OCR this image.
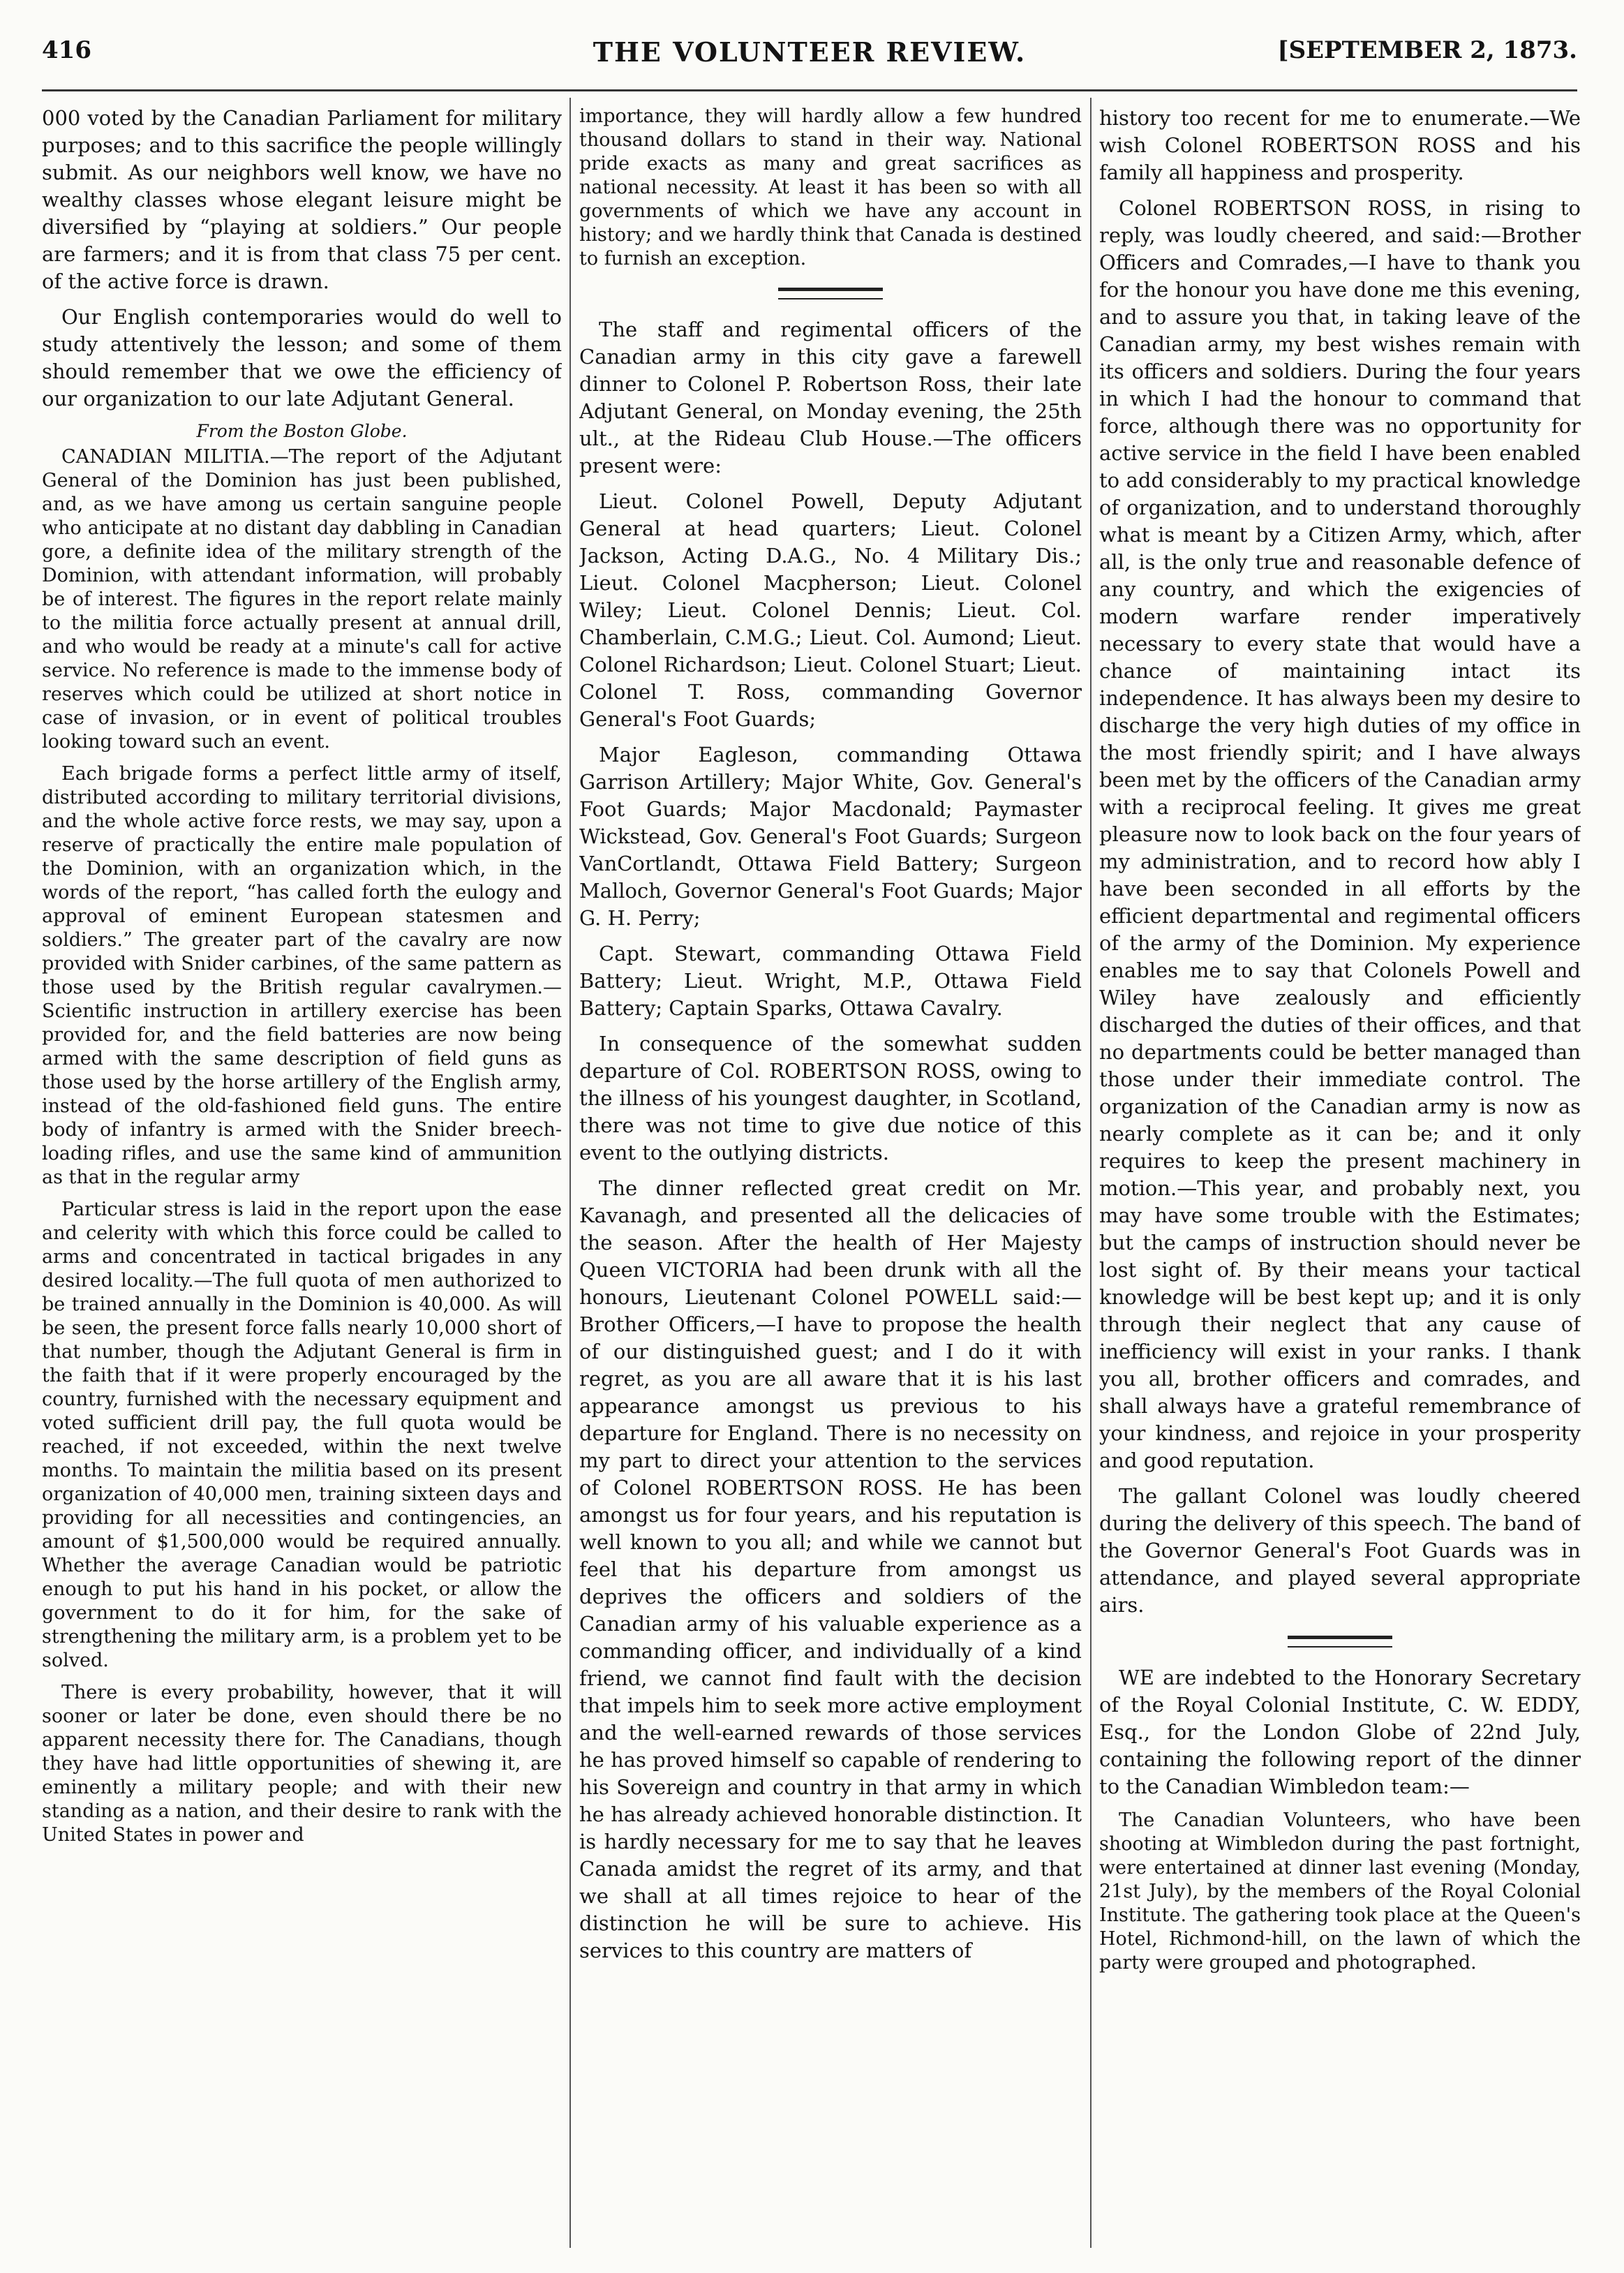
416	THE VOLUNTEER REVIEW.	[SEPTEMBER 2, 1873.

000 voted by the Canadian Parliament for military purposes; and to this sacrifice the people willingly submit. As our neighbors well know, we have no wealthy classes whose elegant leisure might be diversified by “playing at soldiers.” Our people are farmers; and it is from that class 75 per cent. of the active force is drawn.

Our English contemporaries would do well to study attentively the lesson; and some of them should remember that we owe the efficiency of our organization to our late Adjutant General.

From the Boston Globe.

CANADIAN MILITIA.—The report of the Adjutant General of the Dominion has just been published, and, as we have among us certain sanguine people who anticipate at no distant day dabbling in Canadian gore, a definite idea of the military strength of the Dominion, with attendant information, will probably be of interest. The figures in the report relate mainly to the militia force actually present at annual drill, and who would be ready at a minute's call for active service. No reference is made to the immense body of reserves which could be utilized at short notice in case of invasion, or in event of political troubles looking toward such an event.

Each brigade forms a perfect little army of itself, distributed according to military territorial divisions, and the whole active force rests, we may say, upon a reserve of practically the entire male population of the Dominion, with an organization which, in the words of the report, “has called forth the eulogy and approval of eminent European statesmen and soldiers.” The greater part of the cavalry are now provided with Snider carbines, of the same pattern as those used by the British regular cavalrymen.—Scientific instruction in artillery exercise has been provided for, and the field batteries are now being armed with the same description of field guns as those used by the horse artillery of the English army, instead of the old-fashioned field guns. The entire body of infantry is armed with the Snider breech-loading rifles, and use the same kind of ammunition as that in the regular army

Particular stress is laid in the report upon the ease and celerity with which this force could be called to arms and concentrated in tactical brigades in any desired locality.—The full quota of men authorized to be trained annually in the Dominion is 40,000. As will be seen, the present force falls nearly 10,000 short of that number, though the Adjutant General is firm in the faith that if it were properly encouraged by the country, furnished with the necessary equipment and voted sufficient drill pay, the full quota would be reached, if not exceeded, within the next twelve months. To maintain the militia based on its present organization of 40,000 men, training sixteen days and providing for all necessities and contingencies, an amount of $1,500,000 would be required annually. Whether the average Canadian would be patriotic enough to put his hand in his pocket, or allow the government to do it for him, for the sake of strengthening the military arm, is a problem yet to be solved.

There is every probability, however, that it will sooner or later be done, even should there be no apparent necessity there for. The Canadians, though they have had little opportunities of shewing it, are eminently a military people; and with their new standing as a nation, and their desire to rank with the United States in power and

importance, they will hardly allow a few hundred thousand dollars to stand in their way. National pride exacts as many and great sacrifices as national necessity. At least it has been so with all governments of which we have any account in history; and we hardly think that Canada is destined to furnish an exception.

The staff and regimental officers of the Canadian army in this city gave a farewell dinner to Colonel P. Robertson Ross, their late Adjutant General, on Monday evening, the 25th ult., at the Rideau Club House.—The officers present were:

Lieut. Colonel Powell, Deputy Adjutant General at head quarters; Lieut. Colonel Jackson, Acting D.A.G., No. 4 Military Dis.; Lieut. Colonel Macpherson; Lieut. Colonel Wiley; Lieut. Colonel Dennis; Lieut. Col. Chamberlain, C.M.G.; Lieut. Col. Aumond; Lieut. Colonel Richardson; Lieut. Colonel Stuart; Lieut. Colonel T. Ross, commanding Governor General's Foot Guards;

Major Eagleson, commanding Ottawa Garrison Artillery; Major White, Gov. General's Foot Guards; Major Macdonald; Paymaster Wickstead, Gov. General's Foot Guards; Surgeon VanCortlandt, Ottawa Field Battery; Surgeon Malloch, Governor General's Foot Guards; Major G. H. Perry;

Capt. Stewart, commanding Ottawa Field Battery; Lieut. Wright, M.P., Ottawa Field Battery; Captain Sparks, Ottawa Cavalry.

In consequence of the somewhat sudden departure of Col. ROBERTSON ROSS, owing to the illness of his youngest daughter, in Scotland, there was not time to give due notice of this event to the outlying districts.

The dinner reflected great credit on Mr. Kavanagh, and presented all the delicacies of the season. After the health of Her Majesty Queen VICTORIA had been drunk with all the honours, Lieutenant Colonel POWELL said:—Brother Officers,—I have to propose the health of our distinguished guest; and I do it with regret, as you are all aware that it is his last appearance amongst us previous to his departure for England. There is no necessity on my part to direct your attention to the services of Colonel ROBERTSON ROSS. He has been amongst us for four years, and his reputation is well known to you all; and while we cannot but feel that his departure from amongst us deprives the officers and soldiers of the Canadian army of his valuable experience as a commanding officer, and individually of a kind friend, we cannot find fault with the decision that impels him to seek more active employment and the well-earned rewards of those services he has proved himself so capable of rendering to his Sovereign and country in that army in which he has already achieved honorable distinction. It is hardly necessary for me to say that he leaves Canada amidst the regret of its army, and that we shall at all times rejoice to hear of the distinction he will be sure to achieve. His services to this country are matters of

history too recent for me to enumerate.—We wish Colonel ROBERTSON ROSS and his family all happiness and prosperity.

Colonel ROBERTSON ROSS, in rising to reply, was loudly cheered, and said:—Brother Officers and Comrades,—I have to thank you for the honour you have done me this evening, and to assure you that, in taking leave of the Canadian army, my best wishes remain with its officers and soldiers. During the four years in which I had the honour to command that force, although there was no opportunity for active service in the field I have been enabled to add considerably to my practical knowledge of organization, and to understand thoroughly what is meant by a Citizen Army, which, after all, is the only true and reasonable defence of any country, and which the exigencies of modern warfare render imperatively necessary to every state that would have a chance of maintaining intact its independence. It has always been my desire to discharge the very high duties of my office in the most friendly spirit; and I have always been met by the officers of the Canadian army with a reciprocal feeling. It gives me great pleasure now to look back on the four years of my administration, and to record how ably I have been seconded in all efforts by the efficient departmental and regimental officers of the army of the Dominion. My experience enables me to say that Colonels Powell and Wiley have zealously and efficiently discharged the duties of their offices, and that no departments could be better managed than those under their immediate control. The organization of the Canadian army is now as nearly complete as it can be; and it only requires to keep the present machinery in motion.—This year, and probably next, you may have some trouble with the Estimates; but the camps of instruction should never be lost sight of. By their means your tactical knowledge will be best kept up; and it is only through their neglect that any cause of inefficiency will exist in your ranks. I thank you all, brother officers and comrades, and shall always have a grateful remembrance of your kindness, and rejoice in your prosperity and good reputation.

The gallant Colonel was loudly cheered during the delivery of this speech. The band of the Governor General's Foot Guards was in attendance, and played several appropriate airs.

WE are indebted to the Honorary Secretary of the Royal Colonial Institute, C. W. EDDY, Esq., for the London Globe of 22nd July, containing the following report of the dinner to the Canadian Wimbledon team:—

The Canadian Volunteers, who have been shooting at Wimbledon during the past fortnight, were entertained at dinner last evening (Monday, 21st July), by the members of the Royal Colonial Institute. The gathering took place at the Queen's Hotel, Richmond-hill, on the lawn of which the party were grouped and photographed.
